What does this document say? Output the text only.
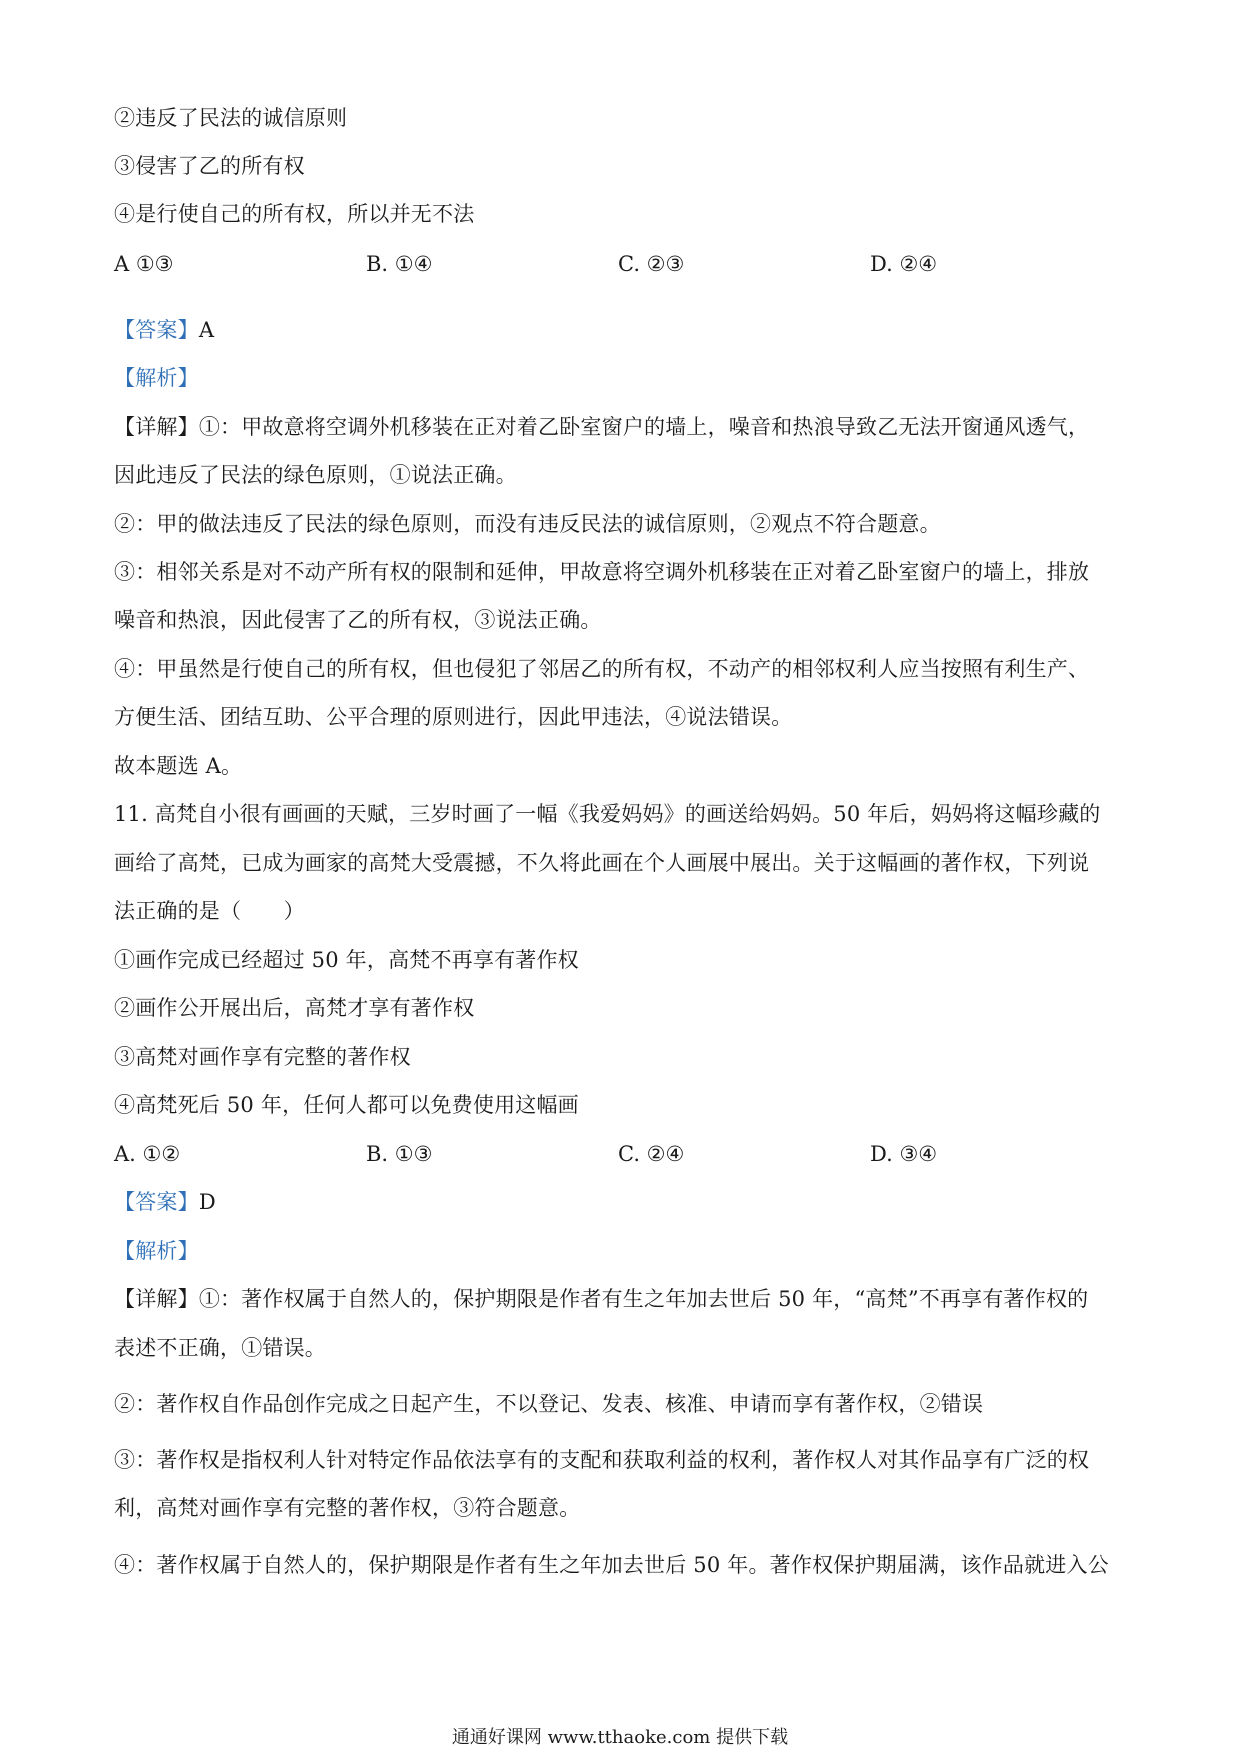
②违反了民法的诚信原则
③侵害了乙的所有权
④是行使自己的所有权，所以并无不法
A ①③	B. ①④	C. ②③	D. ②④
【答案】A
【解析】
【详解】①：甲故意将空调外机移装在正对着乙卧室窗户的墙上，噪音和热浪导致乙无法开窗通风透气，
因此违反了民法的绿色原则，①说法正确。
②：甲的做法违反了民法的绿色原则，而没有违反民法的诚信原则，②观点不符合题意。
③：相邻关系是对不动产所有权的限制和延伸，甲故意将空调外机移装在正对着乙卧室窗户的墙上，排放
噪音和热浪，因此侵害了乙的所有权，③说法正确。
④：甲虽然是行使自己的所有权，但也侵犯了邻居乙的所有权，不动产的相邻权利人应当按照有利生产、
方便生活、团结互助、公平合理的原则进行，因此甲违法，④说法错误。
故本题选 A。
11. 高梵自小很有画画的天赋，三岁时画了一幅《我爱妈妈》的画送给妈妈。50 年后，妈妈将这幅珍藏的
画给了高梵，已成为画家的高梵大受震撼，不久将此画在个人画展中展出。关于这幅画的著作权，下列说
法正确的是（　　）
①画作完成已经超过 50 年，高梵不再享有著作权
②画作公开展出后，高梵才享有著作权
③高梵对画作享有完整的著作权
④高梵死后 50 年，任何人都可以免费使用这幅画
A. ①②	B. ①③	C. ②④	D. ③④
【答案】D
【解析】
【详解】①：著作权属于自然人的，保护期限是作者有生之年加去世后 50 年，“高梵”不再享有著作权的
表述不正确，①错误。
②：著作权自作品创作完成之日起产生，不以登记、发表、核准、申请而享有著作权，②错误
③：著作权是指权利人针对特定作品依法享有的支配和获取利益的权利，著作权人对其作品享有广泛的权
利，高梵对画作享有完整的著作权，③符合题意。
④：著作权属于自然人的，保护期限是作者有生之年加去世后 50 年。著作权保护期届满，该作品就进入公
通通好课网 www.tthaoke.com 提供下载
